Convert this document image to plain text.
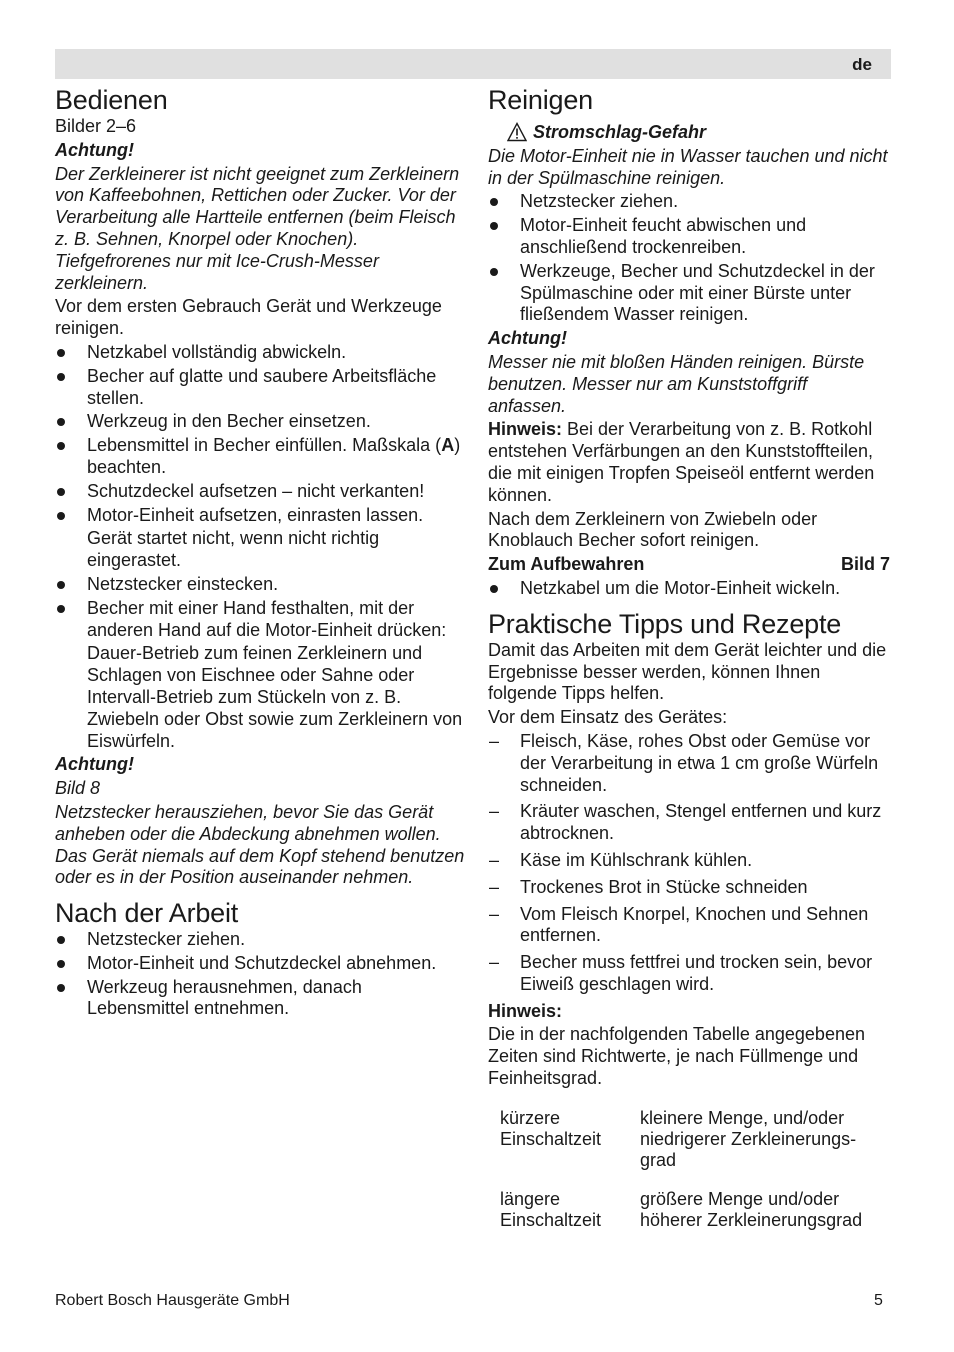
de
Bedienen
Bilder 2–6
Achtung!
Der Zerkleinerer ist nicht geeignet zum Zerkleinern von Kaffeebohnen, Rettichen oder Zucker. Vor der Verarbeitung alle Hartteile entfernen (beim Fleisch z. B. Sehnen, Knorpel oder Knochen). Tiefgefrorenes nur mit Ice-Crush-Messer zerkleinern.
Vor dem ersten Gebrauch Gerät und Werkzeuge reinigen.
Netzkabel vollständig abwickeln.
Becher auf glatte und saubere Arbeitsfläche stellen.
Werkzeug in den Becher einsetzen.
Lebensmittel in Becher einfüllen. Maßskala (A) beachten.
Schutzdeckel aufsetzen – nicht verkanten!
Motor-Einheit aufsetzen, einrasten lassen.
Gerät startet nicht, wenn nicht richtig eingerastet.
Netzstecker einstecken.
Becher mit einer Hand festhalten, mit der anderen Hand auf die Motor-Einheit drücken:
Dauer-Betrieb zum feinen Zerkleinern und Schlagen von Eischnee oder Sahne oder Intervall-Betrieb zum Stückeln von z. B. Zwiebeln oder Obst sowie zum Zerkleinern von Eiswürfeln.
Achtung!
Bild 8
Netzstecker herausziehen, bevor Sie das Gerät anheben oder die Abdeckung abnehmen wollen. Das Gerät niemals auf dem Kopf stehend benutzen oder es in der Position auseinander nehmen.
Nach der Arbeit
Netzstecker ziehen.
Motor-Einheit und Schutzdeckel abnehmen.
Werkzeug herausnehmen, danach Lebensmittel entnehmen.
Reinigen
Stromschlag-Gefahr
Die Motor-Einheit nie in Wasser tauchen und nicht in der Spülmaschine reinigen.
Netzstecker ziehen.
Motor-Einheit feucht abwischen und anschließend trockenreiben.
Werkzeuge, Becher und Schutzdeckel in der Spülmaschine oder mit einer Bürste unter fließendem Wasser reinigen.
Achtung!
Messer nie mit bloßen Händen reinigen. Bürste benutzen. Messer nur am Kunststoffgriff anfassen.
Hinweis: Bei der Verarbeitung von z. B. Rotkohl entstehen Verfärbungen an den Kunststoffteilen, die mit einigen Tropfen Speiseöl entfernt werden können.
Nach dem Zerkleinern von Zwiebeln oder Knoblauch Becher sofort reinigen.
Zum Aufbewahren	Bild 7
Netzkabel um die Motor-Einheit wickeln.
Praktische Tipps und Rezepte
Damit das Arbeiten mit dem Gerät leichter und die Ergebnisse besser werden, können Ihnen folgende Tipps helfen.
Vor dem Einsatz des Gerätes:
– Fleisch, Käse, rohes Obst oder Gemüse vor der Verarbeitung in etwa 1 cm große Würfeln schneiden.
– Kräuter waschen, Stengel entfernen und kurz abtrocknen.
– Käse im Kühlschrank kühlen.
– Trockenes Brot in Stücke schneiden
– Vom Fleisch Knorpel, Knochen und Sehnen entfernen.
– Becher muss fettfrei und trocken sein, bevor Eiweiß geschlagen wird.
Hinweis:
Die in der nachfolgenden Tabelle angegebenen Zeiten sind Richtwerte, je nach Füllmenge und Feinheitsgrad.
kürzere Einschaltzeit	kleinere Menge, und/oder niedrigerer Zerkleinerungs-grad
längere Einschaltzeit	größere Menge und/oder höherer Zerkleinerungsgrad
Robert Bosch Hausgeräte GmbH	5
